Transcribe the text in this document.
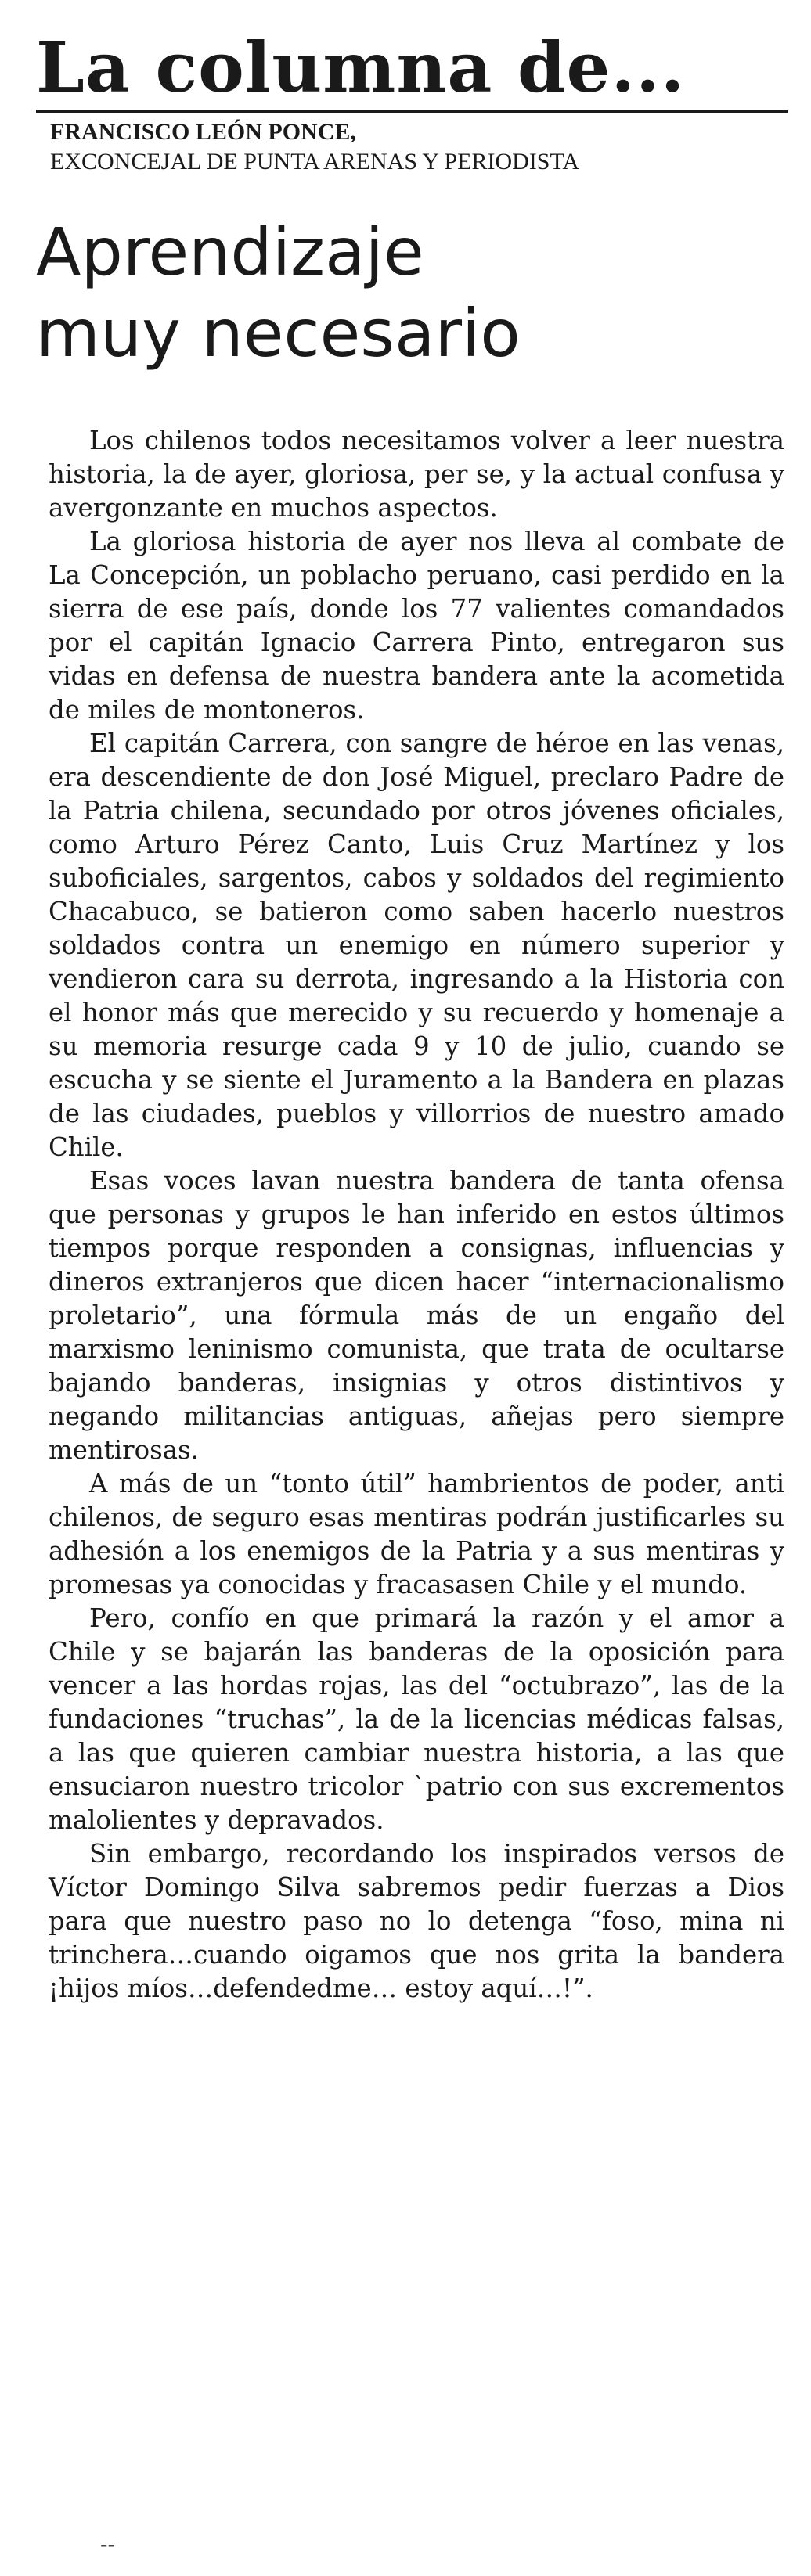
La columna de...
FRANCISCO LEÓN PONCE,
EXCONCEJAL DE PUNTA ARENAS Y PERIODISTA
Aprendizaje
muy necesario

Los chilenos todos necesitamos volver a leer nuestra historia, la de ayer, gloriosa, per se, y la actual confusa y avergonzante en muchos aspectos.

La gloriosa historia de ayer nos lleva al combate de La Concepción, un poblacho peruano, casi perdido en la sierra de ese país, donde los 77 valientes comandados por el capitán Ignacio Carrera Pinto, entregaron sus vidas en defensa de nuestra bandera ante la acometida de miles de montoneros.

El capitán Carrera, con sangre de héroe en las venas, era descendiente de don José Miguel, preclaro Padre de la Patria chilena, secundado por otros jóvenes oficiales, como Arturo Pérez Canto, Luis Cruz Martínez y los suboficiales, sargentos, cabos y soldados del regimiento Chacabuco, se batieron como saben hacerlo nuestros soldados contra un enemigo en número superior y vendieron cara su derrota, ingresando a la Historia con el honor más que merecido y su recuerdo y homenaje a su memoria resurge cada 9 y 10 de julio, cuando se escucha y se siente el Juramento a la Bandera en plazas de las ciudades, pueblos y villorrios de nuestro amado Chile.

Esas voces lavan nuestra bandera de tanta ofensa que personas y grupos le han inferido en estos últimos tiempos porque responden a consignas, influencias y dineros extranjeros que dicen hacer “internacionalismo proletario”, una fórmula más de un engaño del marxismo leninismo comunista, que trata de ocultarse bajando banderas, insignias y otros distintivos y negando militancias antiguas, añejas pero siempre mentirosas.

A más de un “tonto útil” hambrientos de poder, anti chilenos, de seguro esas mentiras podrán justificarles su adhesión a los enemigos de la Patria y a sus mentiras y promesas ya conocidas y fracasasen Chile y el mundo.

Pero, confío en que primará la razón y el amor a Chile y se bajarán las banderas de la oposición para vencer a las hordas rojas, las del “octubrazo”, las de la fundaciones “truchas”, la de la licencias médicas falsas, a las que quieren cambiar nuestra historia, a las que ensuciaron nuestro tricolor `patrio con sus excrementos malolientes y depravados.

Sin embargo, recordando los inspirados versos de Víctor Domingo Silva sabremos pedir fuerzas a Dios para que nuestro paso no lo detenga “foso, mina ni trinchera…cuando oigamos que nos grita la bandera ¡hijos míos…defendedme… estoy aquí…!”.

--
